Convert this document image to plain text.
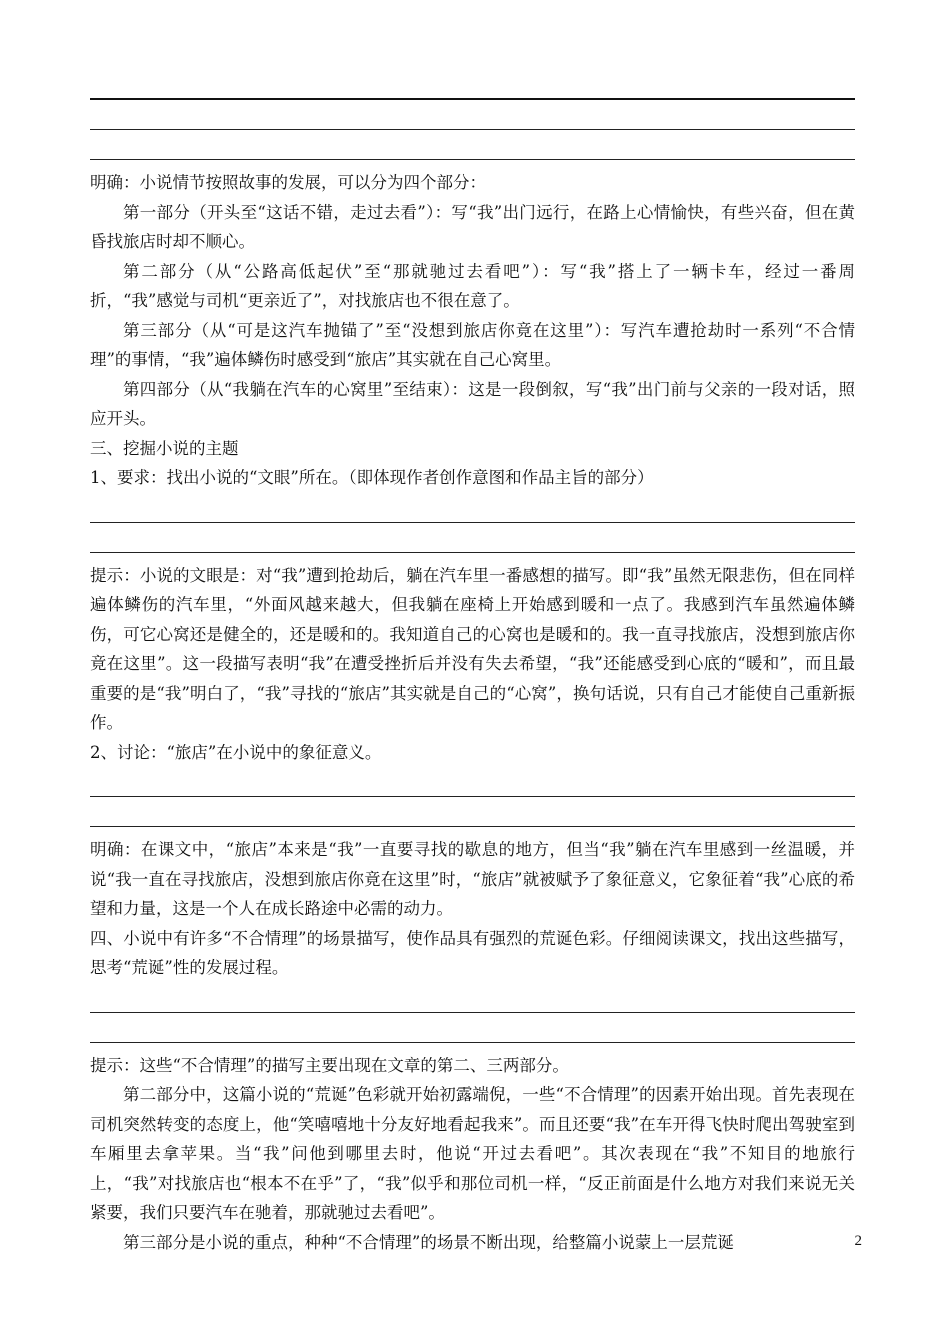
明确：小说情节按照故事的发展，可以分为四个部分：

第一部分（开头至“这话不错，走过去看”）：写“我”出门远行，在路上心情愉快，有些兴奋，但在黄昏找旅店时却不顺心。

第二部分（从“公路高低起伏”至“那就驰过去看吧”）：写“我”搭上了一辆卡车，经过一番周折，“我”感觉与司机“更亲近了”，对找旅店也不很在意了。

第三部分（从“可是这汽车抛锚了”至“没想到旅店你竟在这里”）：写汽车遭抢劫时一系列“不合情理”的事情，“我”遍体鳞伤时感受到“旅店”其实就在自己心窝里。

第四部分（从“我躺在汽车的心窝里”至结束）：这是一段倒叙，写“我”出门前与父亲的一段对话，照应开头。

三、挖掘小说的主题

1、要求：找出小说的“文眼”所在。（即体现作者创作意图和作品主旨的部分）

提示：小说的文眼是：对“我”遭到抢劫后，躺在汽车里一番感想的描写。即“我”虽然无限悲伤，但在同样遍体鳞伤的汽车里，“外面风越来越大，但我躺在座椅上开始感到暖和一点了。我感到汽车虽然遍体鳞伤，可它心窝还是健全的，还是暖和的。我知道自己的心窝也是暖和的。我一直寻找旅店，没想到旅店你竟在这里”。这一段描写表明“我”在遭受挫折后并没有失去希望，“我”还能感受到心底的“暖和”，而且最重要的是“我”明白了，“我”寻找的“旅店”其实就是自己的“心窝”，换句话说，只有自己才能使自己重新振作。

2、讨论：“旅店”在小说中的象征意义。

明确：在课文中，“旅店”本来是“我”一直要寻找的歇息的地方，但当“我”躺在汽车里感到一丝温暖，并说“我一直在寻找旅店，没想到旅店你竟在这里”时，“旅店”就被赋予了象征意义，它象征着“我”心底的希望和力量，这是一个人在成长路途中必需的动力。

四、小说中有许多“不合情理”的场景描写，使作品具有强烈的荒诞色彩。仔细阅读课文，找出这些描写，思考“荒诞”性的发展过程。

提示：这些“不合情理”的描写主要出现在文章的第二、三两部分。

第二部分中，这篇小说的“荒诞”色彩就开始初露端倪，一些“不合情理”的因素开始出现。首先表现在司机突然转变的态度上，他“笑嘻嘻地十分友好地看起我来”。而且还要“我”在车开得飞快时爬出驾驶室到车厢里去拿苹果。当“我”问他到哪里去时，他说“开过去看吧”。其次表现在“我”不知目的地旅行上，“我”对找旅店也“根本不在乎”了，“我”似乎和那位司机一样，“反正前面是什么地方对我们来说无关紧要，我们只要汽车在驰着，那就驰过去看吧”。

第三部分是小说的重点，种种“不合情理”的场景不断出现，给整篇小说蒙上一层荒诞	2
